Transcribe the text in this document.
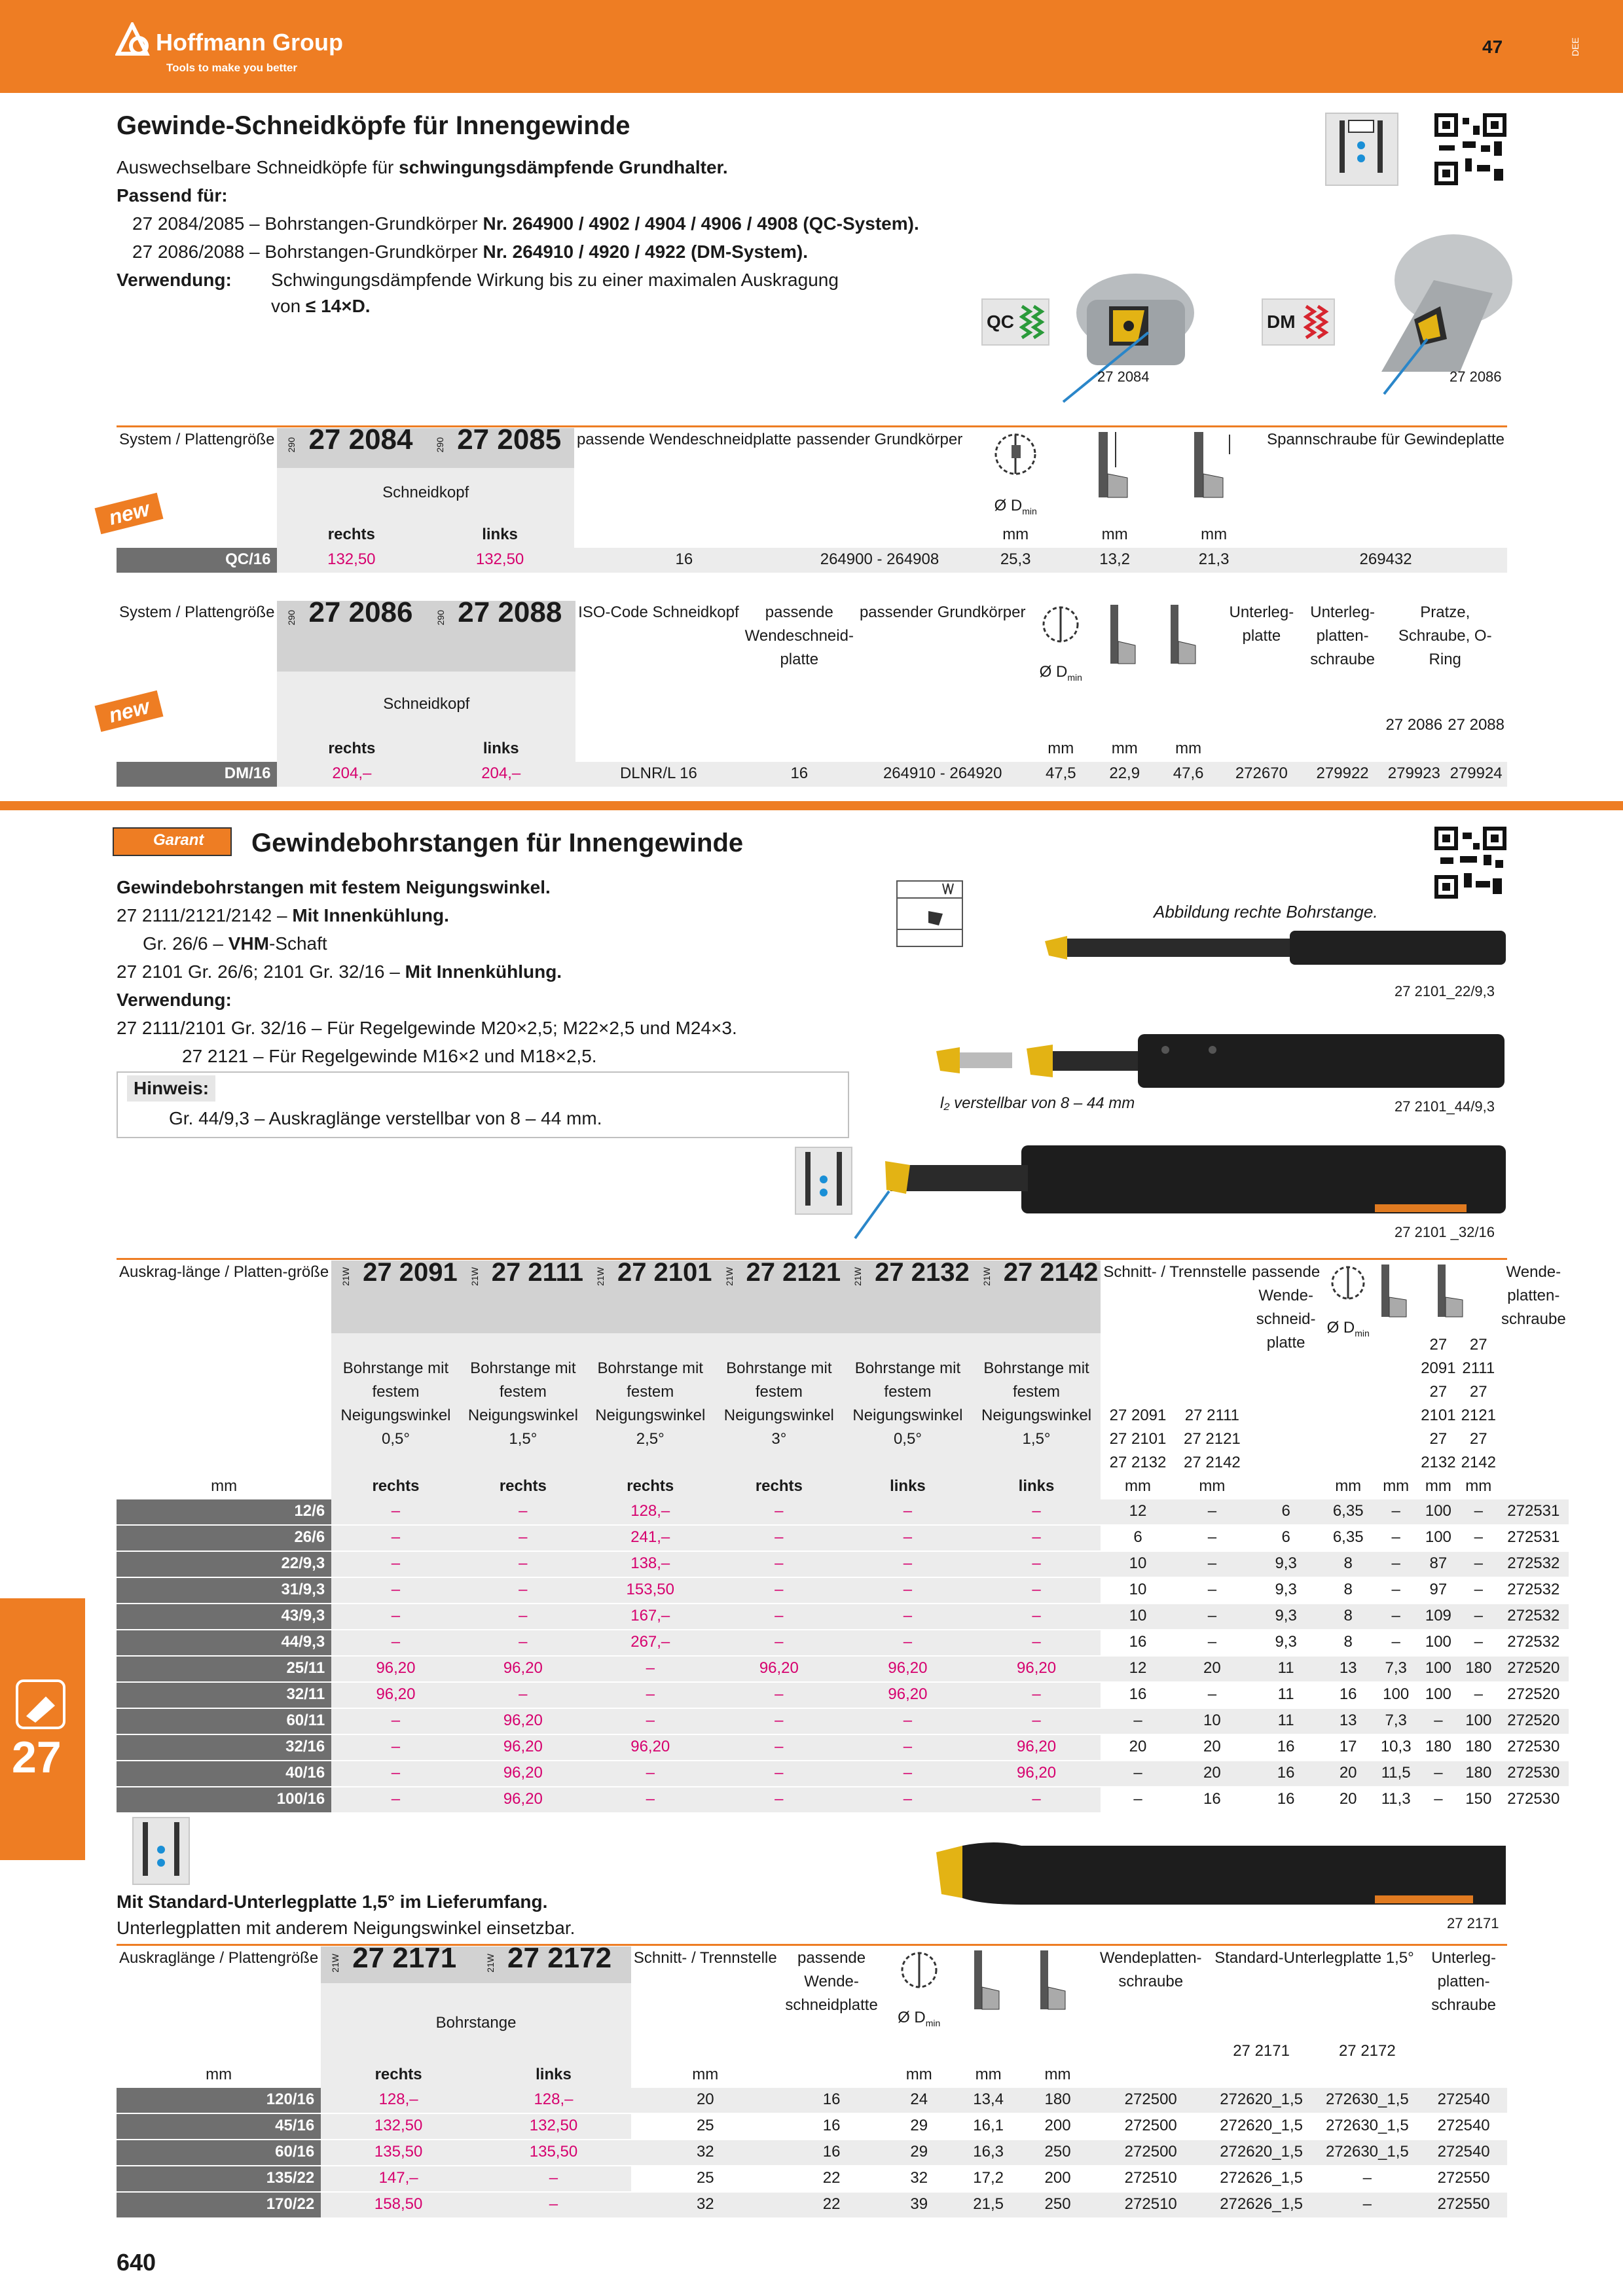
Hoffmann Group
Tools to make you better
47	DEE
Gewinde-Schneidköpfe für Innengewinde
Auswechselbare Schneidköpfe für schwingungsdämpfende Grundhalter.
Passend für:
27 2084/2085 – Bohrstangen-Grundkörper Nr. 264900 / 4902 / 4904 / 4906 / 4908 (QC-System).
27 2086/2088 – Bohrstangen-Grundkörper Nr. 264910 / 4920 / 4922 (DM-System).
Verwendung: Schwingungsdämpfende Wirkung bis zu einer maximalen Auskragung
von ≤ 14×D.
QC	DM
27 2084	27 2086
new
System / Plattengröße	290 27 2084	290 27 2085	passende Wendeschneidplatte	passender Grundkörper	Ø $D_{min}$			Spannschraube für Gewindeplatte
	Schneidkopf							
	rechts	links			mm	mm	mm	
QC/16	132,50	132,50	16	264900 - 264908	25,3	13,2	21,3	269432
new
System / Plattengröße	290 27 2086	290 27 2088	ISO-Code Schneidkopf	passende Wendeschneid-platte	passender Grundkörper	Ø $D_{min}$			Unterleg-platte	Unterleg-platten-schraube	Pratze, Schraube, O-Ring	
	Schneidkopf										27 2086	27 2088
	rechts	links				mm	mm	mm				
DM/16	204,–	204,–	DLNR/L 16	16	264910 - 264920	47,5	22,9	47,6	272670	279922	279923	279924
Garant Gewindebohrstangen für Innengewinde
Gewindebohrstangen mit festem Neigungswinkel.
27 2111/2121/2142 – Mit Innenkühlung.
Gr. 26/6 – VHM-Schaft
27 2101 Gr. 26/6; 2101 Gr. 32/16 – Mit Innenkühlung.
Verwendung:
27 2111/2101 Gr. 32/16 – Für Regelgewinde M20×2,5; M22×2,5 und M24×3.
27 2121 – Für Regelgewinde M16×2 und M18×2,5.
Hinweis:
Gr. 44/9,3 – Auskraglänge verstellbar von 8 – 44 mm.
Abbildung rechte Bohrstange.
27 2101_22/9,3
l₂ verstellbar von 8 – 44 mm	27 2101_44/9,3
27 2101 _32/16
Auskrag-länge / Platten-größe	21W 27 2091	21W 27 2111	21W 27 2101	21W 27 2121	21W 27 2132	21W 27 2142	Schnitt- / Trennstelle		passende Wende-schneid-platte	Ø $D_{min}$				Wende-platten-schraube
	Bohrstange mit festem Neigungswinkel 0,5°	Bohrstange mit festem Neigungswinkel 1,5°	Bohrstange mit festem Neigungswinkel 2,5°	Bohrstange mit festem Neigungswinkel 3°	Bohrstange mit festem Neigungswinkel 0,5°	Bohrstange mit festem Neigungswinkel 1,5°	27 2091 27 2101 27 2132	27 2111 27 2121 27 2142				27 2091 27 2101 27 2132	27 2111 27 2121 27 2142	
mm	rechts	rechts	rechts	rechts	links	links	mm	mm		mm	mm	mm	mm	
12/6	–	–	128,–	–	–	–	12	–	6	6,35	–	100	–	272531
26/6	–	–	241,–	–	–	–	6	–	6	6,35	–	100	–	272531
22/9,3	–	–	138,–	–	–	–	10	–	9,3	8	–	87	–	272532
31/9,3	–	–	153,50	–	–	–	10	–	9,3	8	–	97	–	272532
43/9,3	–	–	167,–	–	–	–	10	–	9,3	8	–	109	–	272532
44/9,3	–	–	267,–	–	–	–	16	–	9,3	8	–	100	–	272532
25/11	96,20	96,20	–	96,20	96,20	96,20	12	20	11	13	7,3	100	180	272520
32/11	96,20	–	–	–	96,20	–	16	–	11	16	100	100	–	272520
60/11	–	96,20	–	–	–	–	–	10	11	13	7,3	–	100	272520
32/16	–	96,20	96,20	–	–	96,20	20	20	16	17	10,3	180	180	272530
40/16	–	96,20	–	–	–	96,20	–	20	16	20	11,5	–	180	272530
100/16	–	96,20	–	–	–	–	–	16	16	20	11,3	–	150	272530
27
Mit Standard-Unterlegplatte 1,5° im Lieferumfang.
Unterlegplatten mit anderem Neigungswinkel einsetzbar.	27 2171
Auskraglänge / Plattengröße	21W 27 2171	21W 27 2172	Schnitt- / Trennstelle	passende Wende-schneidplatte	Ø $D_{min}$			Wendeplatten-schraube	Standard-Unterlegplatte 1,5°		Unterleg-platten-schraube
	Bohrstange								27 2171	27 2172	
mm	rechts	links	mm		mm	mm	mm				
120/16	128,–	128,–	20	16	24	13,4	180	272500	272620_1,5	272630_1,5	272540
45/16	132,50	132,50	25	16	29	16,1	200	272500	272620_1,5	272630_1,5	272540
60/16	135,50	135,50	32	16	29	16,3	250	272500	272620_1,5	272630_1,5	272540
135/22	147,–	–	25	22	32	17,2	200	272510	272626_1,5	–	272550
170/22	158,50	–	32	22	39	21,5	250	272510	272626_1,5	–	272550
640
